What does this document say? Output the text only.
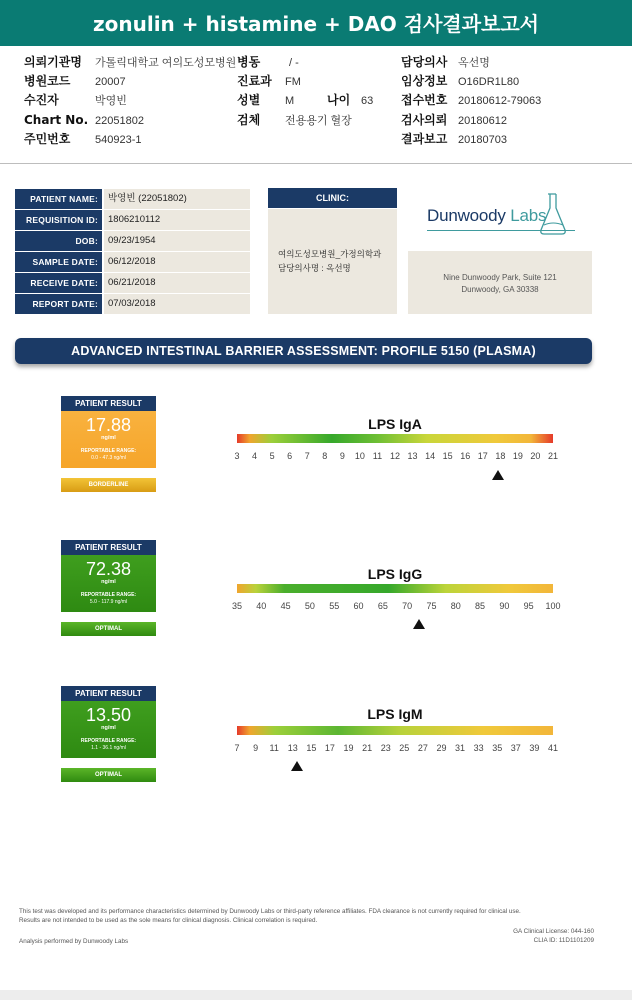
zonulin + histamine + DAO 검사결과보고서
의뢰기관명 가톨릭대학교 여의도성모병원
병원코드 20007
수진자	박영빈
Chart No. 22051802
주민번호 540923-1
병동	/ -
진료과 FM
성별 M	나이 63
검체 전용용기 혈장
담당의사 옥선명
임상정보 O16DR1L80
접수번호 20180612-79063
검사의뢰 20180612
결과보고 20180703
PATIENT NAME:	박영빈 (22051802)
REQUISITION ID:	1806210112
DOB:	09/23/1954
SAMPLE DATE:	06/12/2018
RECEIVE DATE:	06/21/2018
REPORT DATE:	07/03/2018
CLINIC:
여의도성모병원_가정의학과
담당의사명 : 옥선명
Dunwoody Labs
Nine Dunwoody Park, Suite 121
Dunwoody, GA 30338
ADVANCED INTESTINAL BARRIER ASSESSMENT: PROFILE 5150 (PLASMA)
PATIENT RESULT
17.88
ng/ml
REPORTABLE RANGE:
0.0 - 47.3 ng/ml
BORDERLINE
PATIENT RESULT
72.38
ng/ml
REPORTABLE RANGE:
5.0 - 117.9 ng/ml
OPTIMAL
PATIENT RESULT
13.50
ng/ml
REPORTABLE RANGE:
1.1 - 36.1 ng/ml
OPTIMAL
LPS IgA
3 4 5 6 7 8 9 10 11 12 13 14 15 16 17 18 19 20 21
LPS IgG
35 40 45 50 55 60 65 70 75 80 85 90 95 100
LPS IgM
7 9 11 13 15 17 19 21 23 25 27 29 31 33 35 37 39 41
This test was developed and its performance characteristics determined by Dunwoody Labs or third-party reference affiliates. FDA clearance is not currently required for clinical use.
Results are not intended to be used as the sole means for clinical diagnosis. Clinical correlation is required.
GA Clinical License: 044-160
CLIA ID: 11D1101209
Analysis performed by Dunwoody Labs
